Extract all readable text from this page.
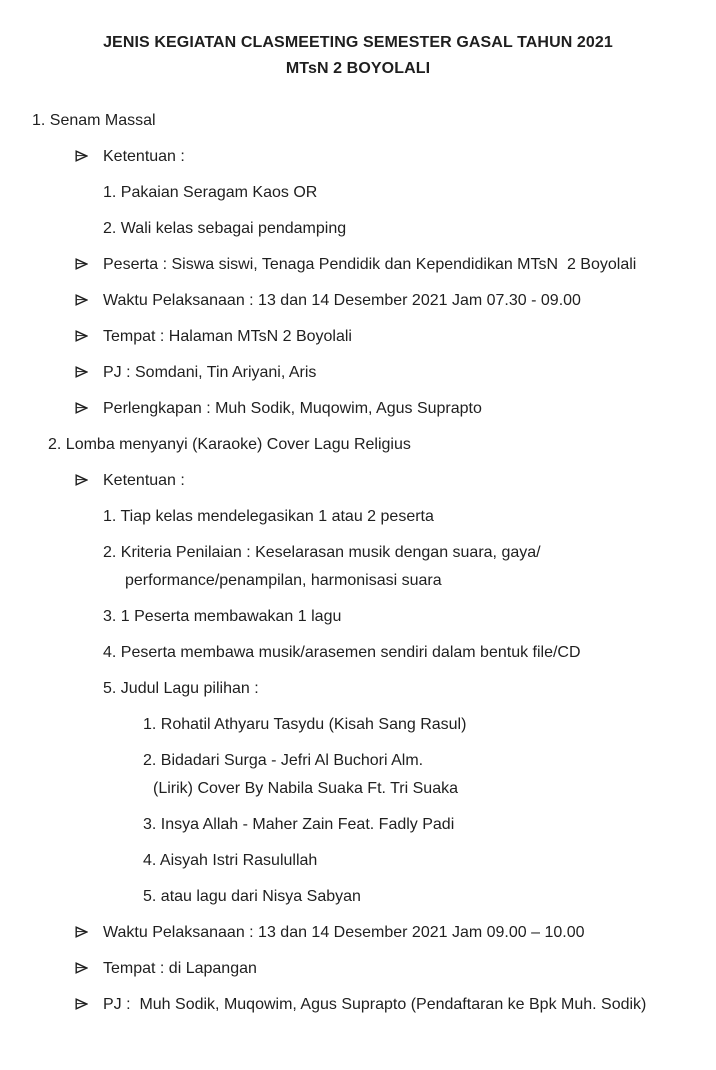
JENIS KEGIATAN CLASMEETING SEMESTER GASAL TAHUN 2021
MTsN 2 BOYOLALI

1. Senam Massal

Ketentuan :

1. Pakaian Seragam Kaos OR

2. Wali kelas sebagai pendamping

Peserta : Siswa siswi, Tenaga Pendidik dan Kependidikan MTsN  2 Boyolali

Waktu Pelaksanaan : 13 dan 14 Desember 2021 Jam 07.30 - 09.00

Tempat : Halaman MTsN 2 Boyolali

PJ : Somdani, Tin Ariyani, Aris

Perlengkapan : Muh Sodik, Muqowim, Agus Suprapto

2. Lomba menyanyi (Karaoke) Cover Lagu Religius

Ketentuan :

1. Tiap kelas mendelegasikan 1 atau 2 peserta

2. Kriteria Penilaian : Keselarasan musik dengan suara, gaya/

performance/penampilan, harmonisasi suara

3. 1 Peserta membawakan 1 lagu

4. Peserta membawa musik/arasemen sendiri dalam bentuk file/CD

5. Judul Lagu pilihan :

1. Rohatil Athyaru Tasydu (Kisah Sang Rasul)

2. Bidadari Surga - Jefri Al Buchori Alm.

(Lirik) Cover By Nabila Suaka Ft. Tri Suaka

3. Insya Allah - Maher Zain Feat. Fadly Padi

4. Aisyah Istri Rasulullah

5. atau lagu dari Nisya Sabyan

Waktu Pelaksanaan : 13 dan 14 Desember 2021 Jam 09.00 – 10.00

Tempat : di Lapangan

PJ :  Muh Sodik, Muqowim, Agus Suprapto (Pendaftaran ke Bpk Muh. Sodik)
